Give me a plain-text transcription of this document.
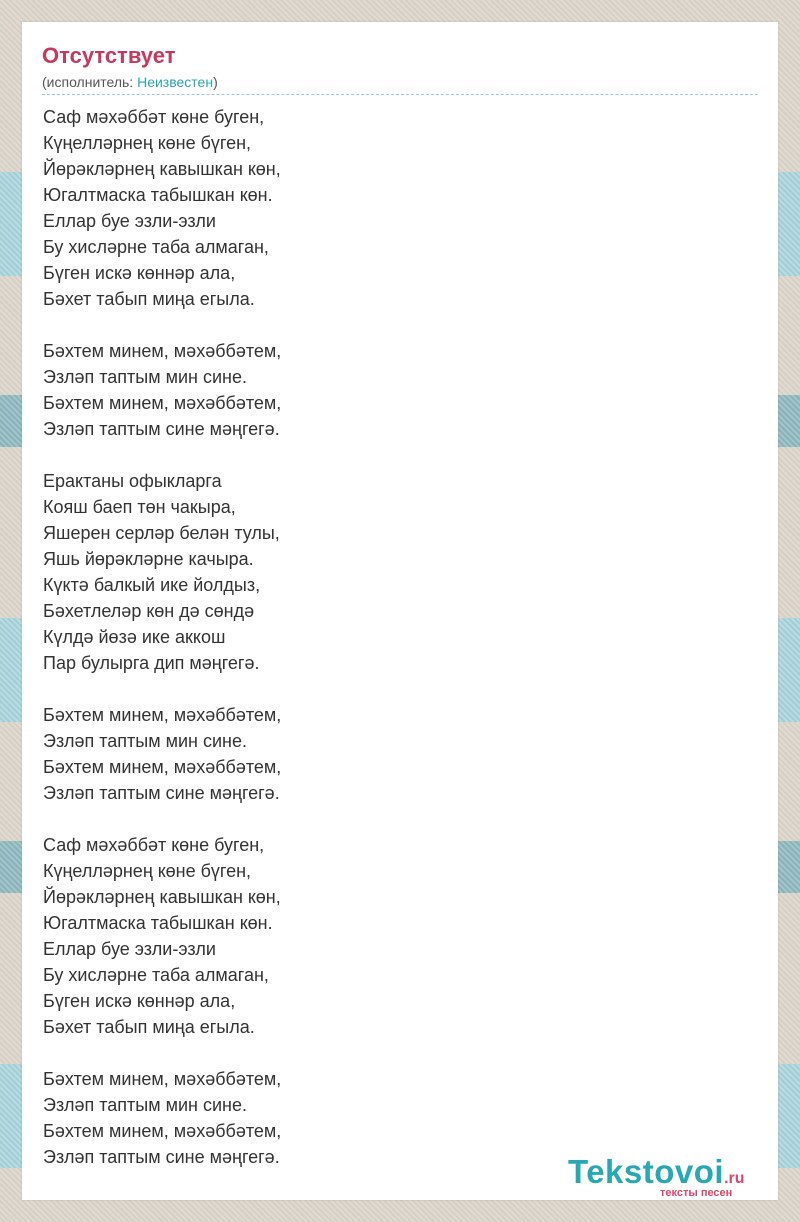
Отсутствует
(исполнитель: Неизвестен)
Саф мәхәббәт көне буген,
Күңелләрнең көне бүген,
Йөрәкләрнең кавышкан көн,
Югалтмаска табышкан көн.
Еллар буе эзли-эзли
Бу хисләрне таба алмаган,
Бүген искә көннәр ала,
Бәхет табып миңа егыла.
Бәхтем минем, мәхәббәтем,
Эзләп таптым мин сине.
Бәхтем минем, мәхәббәтем,
Эзләп таптым сине мәңгегә.
Ерактаны офыкларга
Кояш баеп төн чакыра,
Яшерен серләр белән тулы,
Яшь йөрәкләрне качыра.
Күктә балкый ике йолдыз,
Бәхетлеләр көн дә сөндә
Күлдә йөзә ике аккош
Пар булырга дип мәңгегә.
Бәхтем минем, мәхәббәтем,
Эзләп таптым мин сине.
Бәхтем минем, мәхәббәтем,
Эзләп таптым сине мәңгегә.
Саф мәхәббәт көне буген,
Күңелләрнең көне бүген,
Йөрәкләрнең кавышкан көн,
Югалтмаска табышкан көн.
Еллар буе эзли-эзли
Бу хисләрне таба алмаган,
Бүген искә көннәр ала,
Бәхет табып миңа егыла.
Бәхтем минем, мәхәббәтем,
Эзләп таптым мин сине.
Бәхтем минем, мәхәббәтем,
Эзләп таптым сине мәңгегә.	Tekstovoi.ru
тексты песен
